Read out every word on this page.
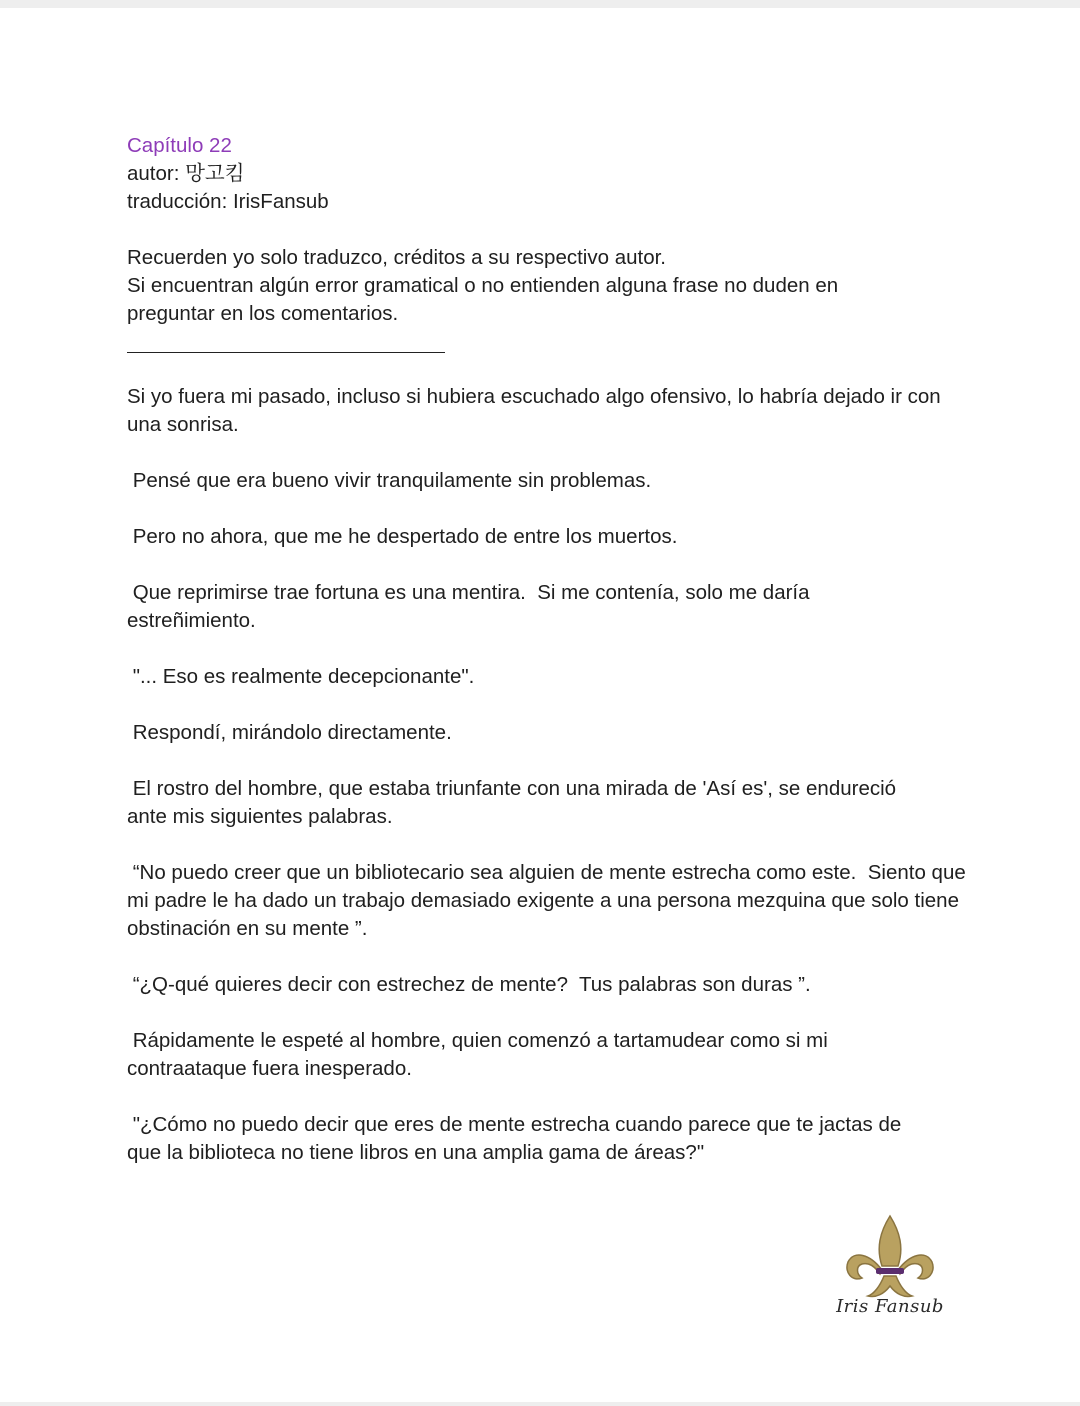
Capítulo 22

autor: 망고킴

traducción: IrisFansub

Recuerden yo solo traduzco, créditos a su respectivo autor.

Si encuentran algún error gramatical o no entienden alguna frase no duden en preguntar en los comentarios.

Si yo fuera mi pasado, incluso si hubiera escuchado algo ofensivo, lo habría dejado ir con una sonrisa.

Pensé que era bueno vivir tranquilamente sin problemas.

Pero no ahora, que me he despertado de entre los muertos.

Que reprimirse trae fortuna es una mentira.  Si me contenía, solo me daría estreñimiento.

"... Eso es realmente decepcionante".

Respondí, mirándolo directamente.

El rostro del hombre, que estaba triunfante con una mirada de 'Así es', se endureció ante mis siguientes palabras.

“No puedo creer que un bibliotecario sea alguien de mente estrecha como este.  Siento que mi padre le ha dado un trabajo demasiado exigente a una persona mezquina que solo tiene obstinación en su mente ”.

“¿Q-qué quieres decir con estrechez de mente?  Tus palabras son duras ”.

Rápidamente le espeté al hombre, quien comenzó a tartamudear como si mi contraataque fuera inesperado.

"¿Cómo no puedo decir que eres de mente estrecha cuando parece que te jactas de que la biblioteca no tiene libros en una amplia gama de áreas?"

Iris Fansub
